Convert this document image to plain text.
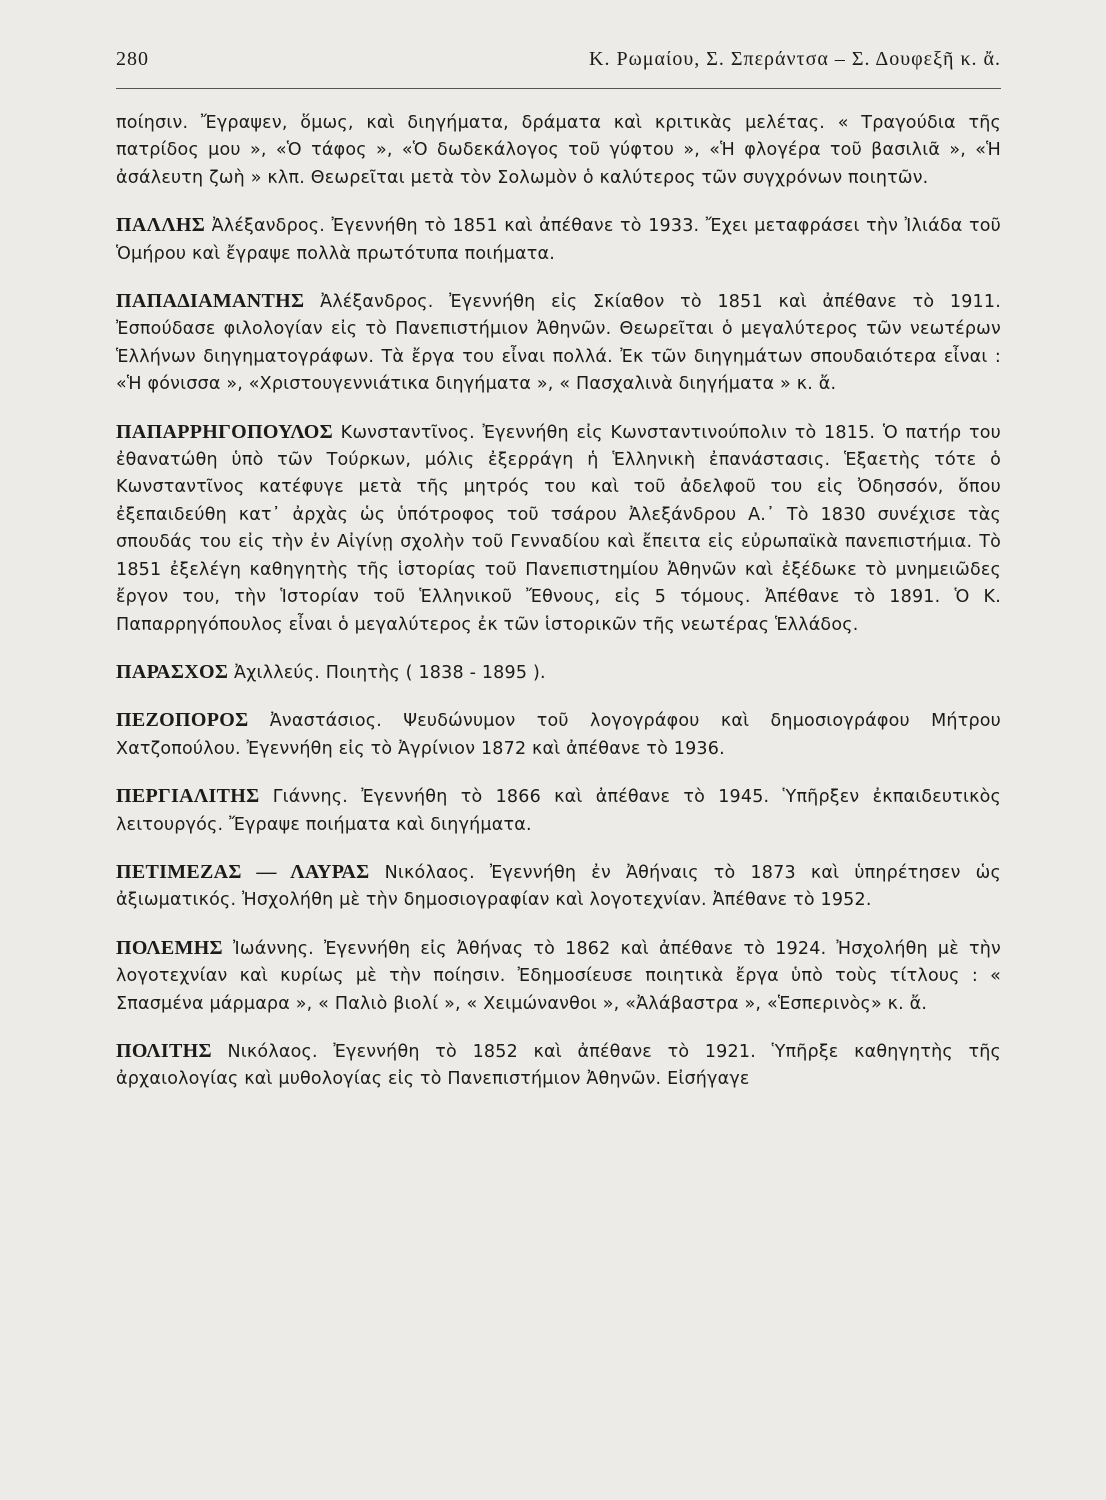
280	Κ. Ρωμαίου, Σ. Σπεράντσα – Σ. Δουφεξῆ κ. ἄ.

ποίησιν. Ἔγραψεν, ὅμως, καὶ διηγήματα, δράματα καὶ κριτικὰς μελέτας. « Τραγούδια τῆς πατρίδος μου », «Ὁ τάφος », «Ὁ δωδεκάλογος τοῦ γύφτου », «Ἡ φλογέρα τοῦ βασιλιᾶ », «Ἡ ἀσάλευτη ζωὴ » κλπ. Θεωρεῖται μετὰ τὸν Σολωμὸν ὁ καλύτερος τῶν συγχρόνων ποιητῶν.

ΠΑΛΛΗΣ Ἀλέξανδρος. Ἐγεννήθη τὸ 1851 καὶ ἀπέθανε τὸ 1933. Ἔχει μεταφράσει τὴν Ἰλιάδα τοῦ Ὁμήρου καὶ ἔγραψε πολλὰ πρωτότυπα ποιήματα.

ΠΑΠΑΔΙΑΜΑΝΤΗΣ Ἀλέξανδρος. Ἐγεννήθη εἰς Σκίαθον τὸ 1851 καὶ ἀπέθανε τὸ 1911. Ἐσπούδασε φιλολογίαν εἰς τὸ Πανεπιστήμιον Ἀθηνῶν. Θεωρεῖται ὁ μεγαλύτερος τῶν νεωτέρων Ἑλλήνων διηγηματογράφων. Τὰ ἔργα του εἶναι πολλά. Ἐκ τῶν διηγημάτων σπουδαιότερα εἶναι : «Ἡ φόνισσα », «Χριστουγεννιάτικα διηγήματα », « Πασχαλινὰ διηγήματα » κ. ἄ.

ΠΑΠΑΡΡΗΓΟΠΟΥΛΟΣ Κωνσταντῖνος. Ἐγεννήθη εἰς Κωνσταντινούπολιν τὸ 1815. Ὁ πατήρ του ἐθανατώθη ὑπὸ τῶν Τούρκων, μόλις ἐξερράγη ἡ Ἑλληνικὴ ἐπανάστασις. Ἑξαετὴς τότε ὁ Κωνσταντῖνος κατέφυγε μετὰ τῆς μητρός του καὶ τοῦ ἀδελφοῦ του εἰς Ὀδησσόν, ὅπου ἐξεπαιδεύθη κατ᾽ ἀρχὰς ὡς ὑπότροφος τοῦ τσάρου Ἀλεξάνδρου Α.᾽ Τὸ 1830 συνέχισε τὰς σπουδάς του εἰς τὴν ἐν Αἰγίνῃ σχολὴν τοῦ Γενναδίου καὶ ἔπειτα εἰς εὐρωπαϊκὰ πανεπιστήμια. Τὸ 1851 ἐξελέγη καθηγητὴς τῆς ἱστορίας τοῦ Πανεπιστημίου Ἀθηνῶν καὶ ἐξέδωκε τὸ μνημειῶδες ἔργον του, τὴν Ἱστορίαν τοῦ Ἑλληνικοῦ Ἔθνους, εἰς 5 τόμους. Ἀπέθανε τὸ 1891. Ὁ Κ. Παπαρρηγόπουλος εἶναι ὁ μεγαλύτερος ἐκ τῶν ἱστορικῶν τῆς νεωτέρας Ἑλλάδος.

ΠΑΡΑΣΧΟΣ Ἀχιλλεύς. Ποιητὴς ( 1838 - 1895 ).

ΠΕΖΟΠΟΡΟΣ Ἀναστάσιος. Ψευδώνυμον τοῦ λογογράφου καὶ δημοσιογράφου Μήτρου Χατζοπούλου. Ἐγεννήθη εἰς τὸ Ἀγρίνιον 1872 καὶ ἀπέθανε τὸ 1936.

ΠΕΡΓΙΑΛΙΤΗΣ Γιάννης. Ἐγεννήθη τὸ 1866 καὶ ἀπέθανε τὸ 1945. Ὑπῆρξεν ἐκπαιδευτικὸς λειτουργός. Ἔγραψε ποιήματα καὶ διηγήματα.

ΠΕΤΙΜΕΖΑΣ — ΛΑΥΡΑΣ Νικόλαος. Ἐγεννήθη ἐν Ἀθήναις τὸ 1873 καὶ ὑπηρέτησεν ὡς ἀξιωματικός. Ἠσχολήθη μὲ τὴν δημοσιογραφίαν καὶ λογοτεχνίαν. Ἀπέθανε τὸ 1952.

ΠΟΛΕΜΗΣ Ἰωάννης. Ἐγεννήθη εἰς Ἀθήνας τὸ 1862 καὶ ἀπέθανε τὸ 1924. Ἠσχολήθη μὲ τὴν λογοτεχνίαν καὶ κυρίως μὲ τὴν ποίησιν. Ἐδημοσίευσε ποιητικὰ ἔργα ὑπὸ τοὺς τίτλους : « Σπασμένα μάρμαρα », « Παλιὸ βιολί », « Χειμώνανθοι », «Ἀλάβαστρα », «Ἑσπερινὸς» κ. ἄ.

ΠΟΛΙΤΗΣ Νικόλαος. Ἐγεννήθη τὸ 1852 καὶ ἀπέθανε τὸ 1921. Ὑπῆρξε καθηγητὴς τῆς ἀρχαιολογίας καὶ μυθολογίας εἰς τὸ Πανεπιστήμιον Ἀθηνῶν. Εἰσήγαγε
